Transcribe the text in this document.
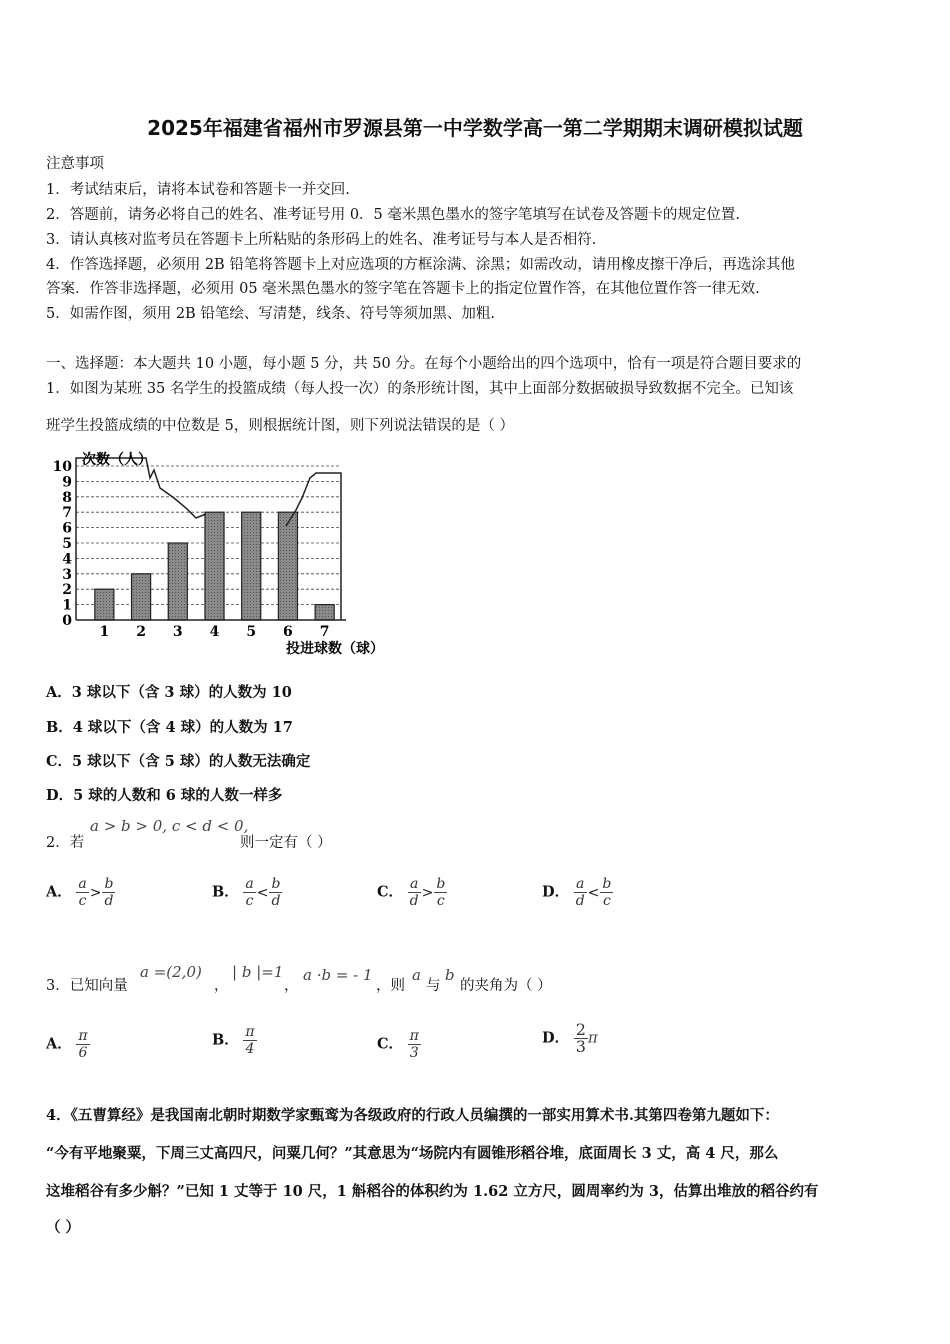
2025年福建省福州市罗源县第一中学数学高一第二学期期末调研模拟试题
注意事项
1．考试结束后，请将本试卷和答题卡一并交回.
2．答题前，请务必将自己的姓名、准考证号用 0．5 毫米黑色墨水的签字笔填写在试卷及答题卡的规定位置.
3．请认真核对监考员在答题卡上所粘贴的条形码上的姓名、准考证号与本人是否相符.
4．作答选择题，必须用 2B 铅笔将答题卡上对应选项的方框涂满、涂黑；如需改动，请用橡皮擦干净后，再选涂其他
答案．作答非选择题，必须用 05 毫米黑色墨水的签字笔在答题卡上的指定位置作答，在其他位置作答一律无效.
5．如需作图，须用 2B 铅笔绘、写清楚，线条、符号等须加黑、加粗.
一、选择题：本大题共 10 小题，每小题 5 分，共 50 分。在每个小题给出的四个选项中，恰有一项是符合题目要求的
1．如图为某班 35 名学生的投篮成绩（每人投一次）的条形统计图，其中上面部分数据破损导致数据不完全。已知该
班学生投篮成绩的中位数是 5，则根据统计图，则下列说法错误的是（ ）
0
1
2
3
4
5
6
7
8
9
10
1 2 3 4 5 6 7
次数（人）
投进球数（球）
A．3 球以下（含 3 球）的人数为 10
B．4 球以下（含 4 球）的人数为 17
C．5 球以下（含 5 球）的人数无法确定
D．5 球的人数和 6 球的人数一样多
2．若
a > b > 0, c < d < 0,
则一定有（ ）
A． $\frac{a}{c} > \frac{b}{d}$	B． $\frac{a}{c} < \frac{b}{d}$	C． $\frac{a}{d} > \frac{b}{c}$	D． $\frac{a}{d} < \frac{b}{c}$
3．已知向量
a =(2,0)
，
| b |=1
，
a ·b = - 1
，则
a
与
b
的夹角为（ ）
A． $\frac{\pi}{6}$	B． $\frac{\pi}{4}$	C． $\frac{\pi}{3}$	D． $\frac{2}{3}$ π
4．《五曹算经》是我国南北朝时期数学家甄鸾为各级政府的行政人员编撰的一部实用算术书.其第四卷第九题如下：
“今有平地聚粟，下周三丈高四尺，问粟几何？”其意思为“场院内有圆锥形稻谷堆，底面周长 3 丈，高 4 尺，那么
这堆稻谷有多少斛？”已知 1 丈等于 10 尺，1 斛稻谷的体积约为 1.62 立方尺，圆周率约为 3，估算出堆放的稻谷约有
（ ）
